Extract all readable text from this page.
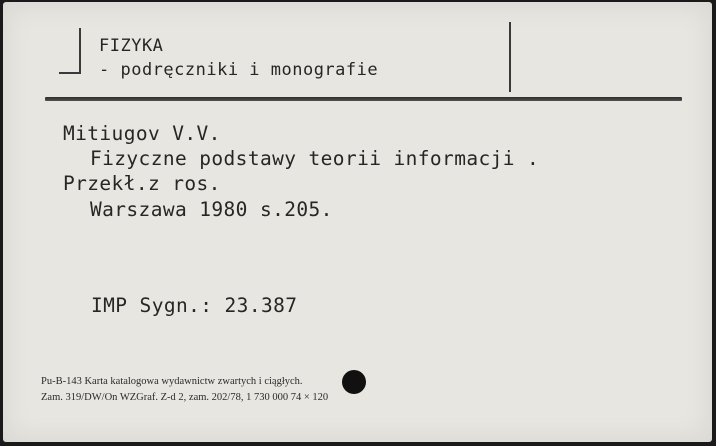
FIZYKA
- podręczniki i monografie
Mitiugov V.V.
Fizyczne podstawy teorii informacji .
Przekł.z ros.
Warszawa 1980 s.205.
IMP Sygn.: 23.387
Pu-B-143 Karta katalogowa wydawnictw zwartych i ciągłych.
Zam. 319/DW/On WZGraf. Z-d 2, zam. 202/78, 1 730 000 74 × 120
